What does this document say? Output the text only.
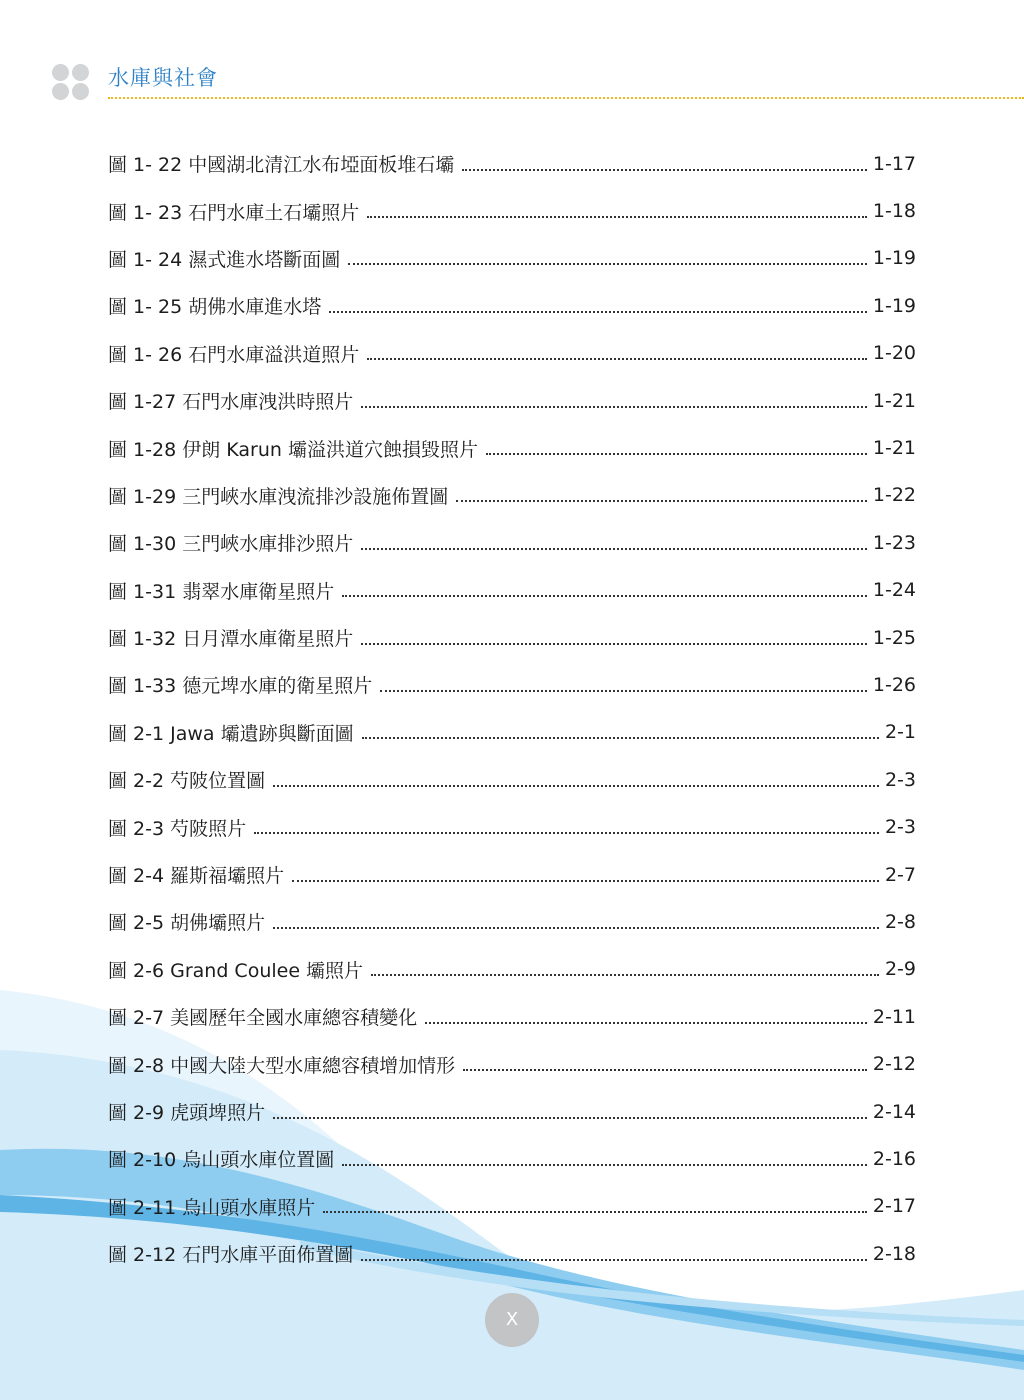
水庫與社會
圖 1- 22 中國湖北清江水布埡面板堆石壩	1-17
圖 1- 23 石門水庫土石壩照片	1-18
圖 1- 24 濕式進水塔斷面圖	1-19
圖 1- 25 胡佛水庫進水塔	1-19
圖 1- 26 石門水庫溢洪道照片	1-20
圖 1-27 石門水庫洩洪時照片	1-21
圖 1-28 伊朗 Karun 壩溢洪道穴蝕損毀照片	1-21
圖 1-29 三門峽水庫洩流排沙設施佈置圖	1-22
圖 1-30 三門峽水庫排沙照片	1-23
圖 1-31 翡翠水庫衛星照片	1-24
圖 1-32 日月潭水庫衛星照片	1-25
圖 1-33 德元埤水庫的衛星照片	1-26
圖 2-1 Jawa 壩遺跡與斷面圖	2-1
圖 2-2 芍陂位置圖	2-3
圖 2-3 芍陂照片	2-3
圖 2-4 羅斯福壩照片	2-7
圖 2-5 胡佛壩照片	2-8
圖 2-6 Grand Coulee 壩照片	2-9
圖 2-7 美國歷年全國水庫總容積變化	2-11
圖 2-8 中國大陸大型水庫總容積增加情形	2-12
圖 2-9 虎頭埤照片	2-14
圖 2-10 烏山頭水庫位置圖	2-16
圖 2-11 烏山頭水庫照片	2-17
圖 2-12 石門水庫平面佈置圖	2-18
X
